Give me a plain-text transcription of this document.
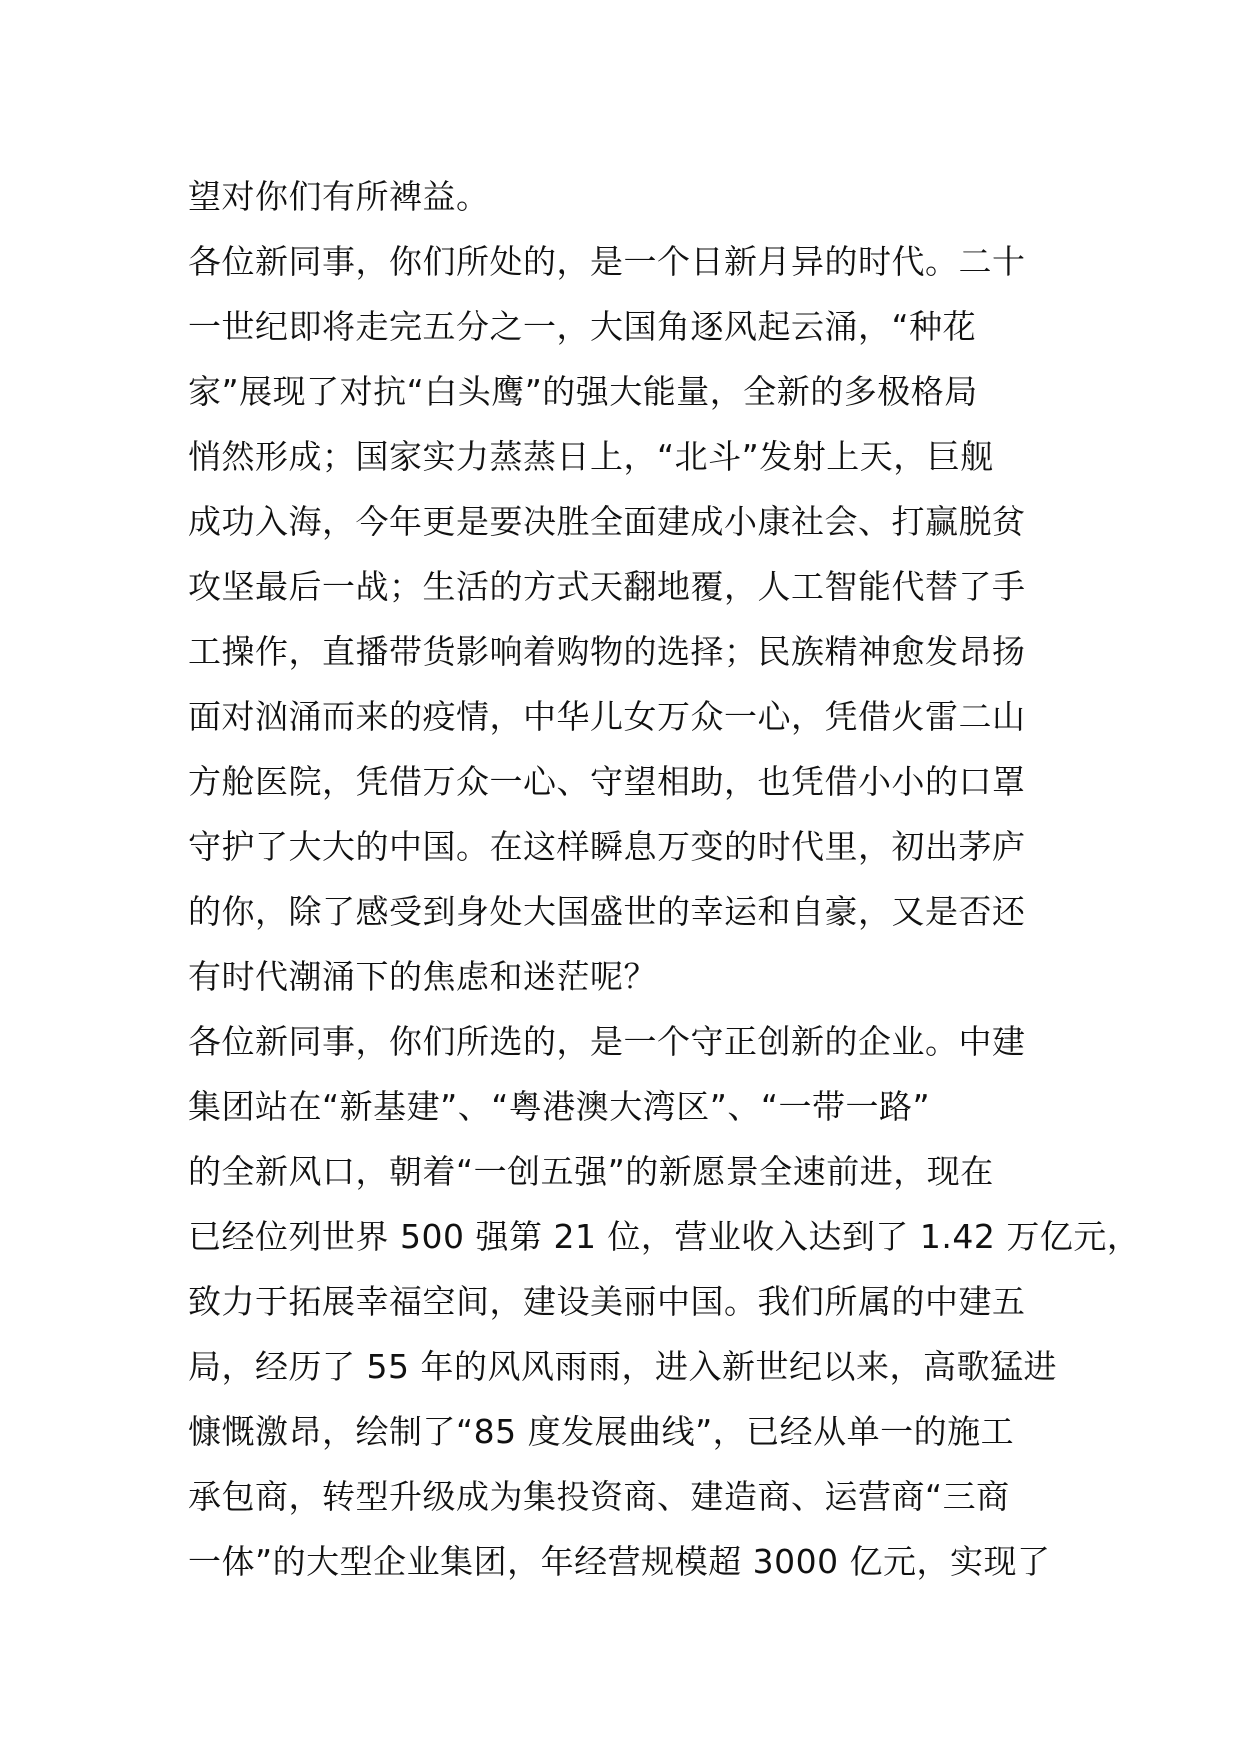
望对你们有所裨益。
各位新同事，你们所处的，是一个日新月异的时代。二十
一世纪即将走完五分之一，大国角逐风起云涌，“种花
家”展现了对抗“白头鹰”的强大能量，全新的多极格局
悄然形成；国家实力蒸蒸日上，“北斗”发射上天，巨舰
成功入海，今年更是要决胜全面建成小康社会、打赢脱贫
攻坚最后一战；生活的方式天翻地覆，人工智能代替了手
工操作，直播带货影响着购物的选择；民族精神愈发昂扬
面对汹涌而来的疫情，中华儿女万众一心，凭借火雷二山
方舱医院，凭借万众一心、守望相助，也凭借小小的口罩
守护了大大的中国。在这样瞬息万变的时代里，初出茅庐
的你，除了感受到身处大国盛世的幸运和自豪，又是否还
有时代潮涌下的焦虑和迷茫呢？
各位新同事，你们所选的，是一个守正创新的企业。中建
集团站在“新基建”、“粤港澳大湾区”、“一带一路”
的全新风口，朝着“一创五强”的新愿景全速前进，现在
已经位列世界 500 强第 21 位，营业收入达到了 1.42 万亿元，
致力于拓展幸福空间，建设美丽中国。我们所属的中建五
局，经历了 55 年的风风雨雨，进入新世纪以来，高歌猛进
慷慨激昂，绘制了“85 度发展曲线”，已经从单一的施工
承包商，转型升级成为集投资商、建造商、运营商“三商
一体”的大型企业集团，年经营规模超 3000 亿元，实现了
